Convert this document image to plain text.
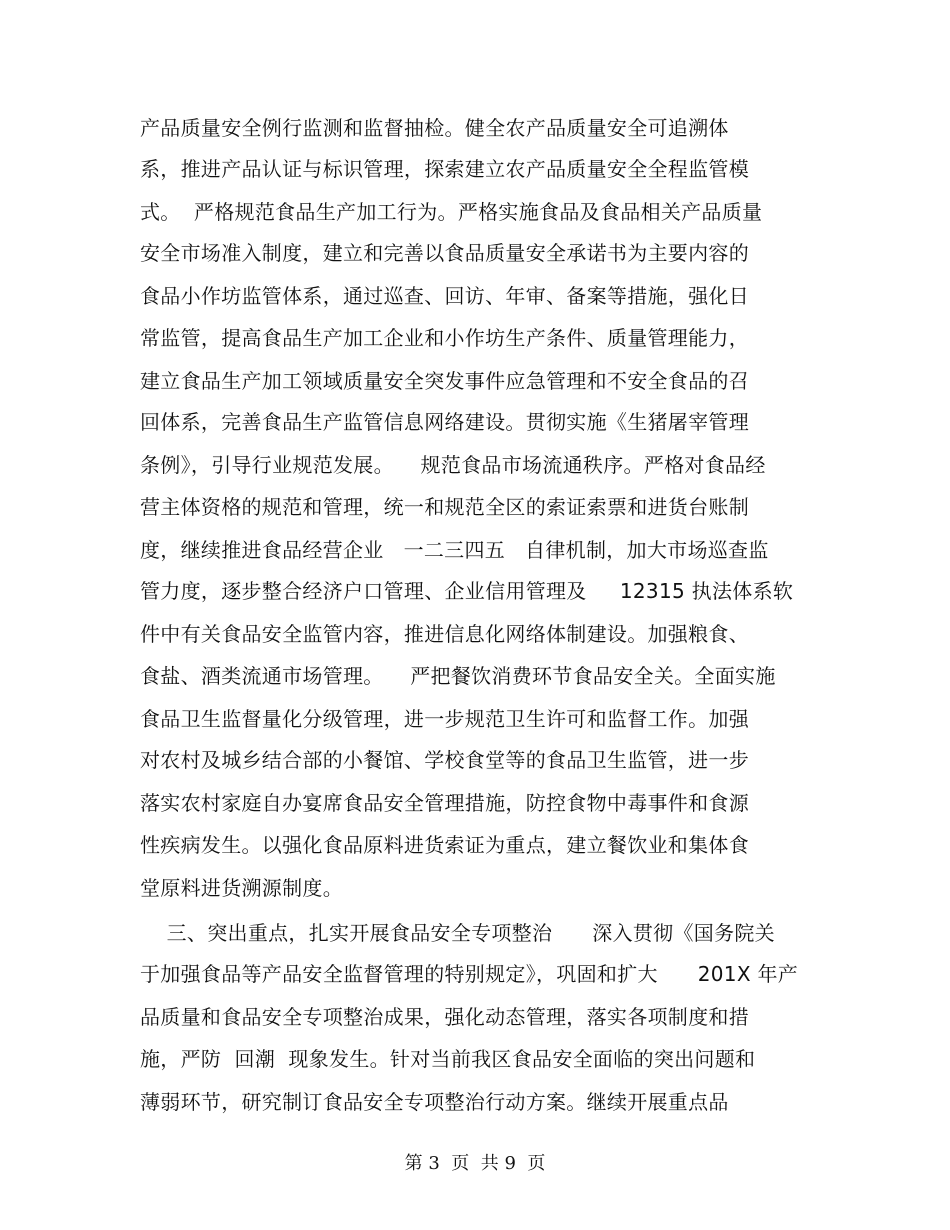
产品质量安全例行监测和监督抽检。健全农产品质量安全可追溯体
系，推进产品认证与标识管理，探索建立农产品质量安全全程监管模
式。  严格规范食品生产加工行为。严格实施食品及食品相关产品质量
安全市场准入制度，建立和完善以食品质量安全承诺书为主要内容的
食品小作坊监管体系，通过巡查、回访、年审、备案等措施，强化日
常监管，提高食品生产加工企业和小作坊生产条件、质量管理能力，
建立食品生产加工领域质量安全突发事件应急管理和不安全食品的召
回体系，完善食品生产监管信息网络建设。贯彻实施《生猪屠宰管理
条例》，引导行业规范发展。    规范食品市场流通秩序。严格对食品经
营主体资格的规范和管理，统一和规范全区的索证索票和进货台账制
度，继续推进食品经营企业   一二三四五   自律机制，加大市场巡查监
管力度，逐步整合经济户口管理、企业信用管理及     12315 执法体系软
件中有关食品安全监管内容，推进信息化网络体制建设。加强粮食、
食盐、酒类流通市场管理。    严把餐饮消费环节食品安全关。全面实施
食品卫生监督量化分级管理，进一步规范卫生许可和监督工作。加强
对农村及城乡结合部的小餐馆、学校食堂等的食品卫生监管，进一步
落实农村家庭自办宴席食品安全管理措施，防控食物中毒事件和食源
性疾病发生。以强化食品原料进货索证为重点，建立餐饮业和集体食
堂原料进货溯源制度。
三、突出重点，扎实开展食品安全专项整治      深入贯彻《国务院关
于加强食品等产品安全监督管理的特别规定》，巩固和扩大      201X 年产
品质量和食品安全专项整治成果，强化动态管理，落实各项制度和措
施，严防  回潮  现象发生。针对当前我区食品安全面临的突出问题和
薄弱环节，研究制订食品安全专项整治行动方案。继续开展重点品
第 3  页  共 9  页
